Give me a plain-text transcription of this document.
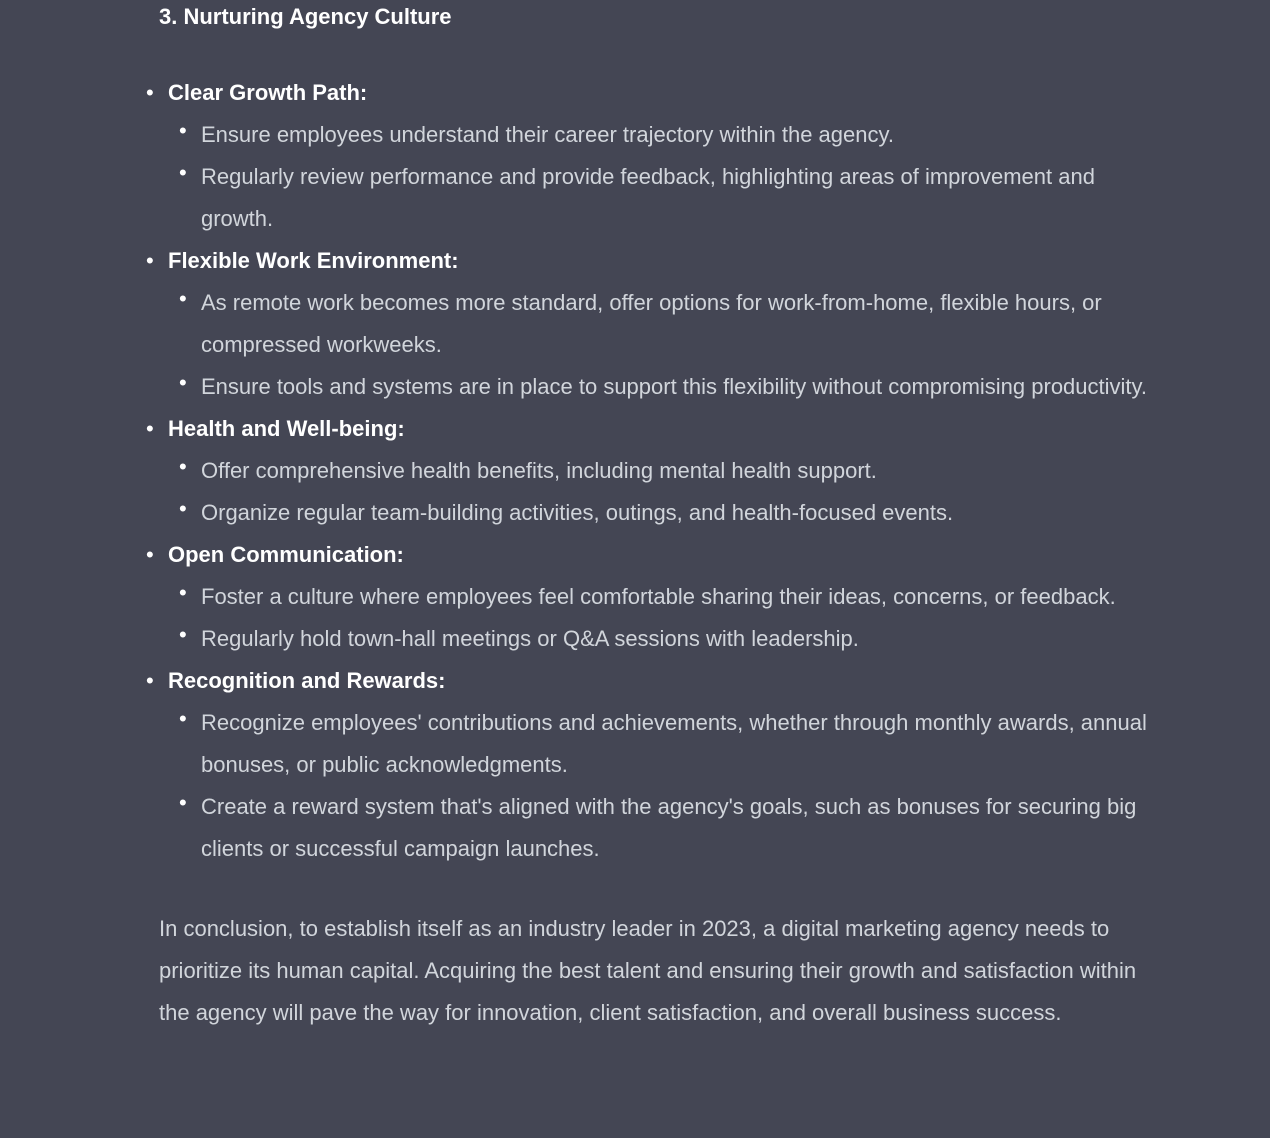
3. Nurturing Agency Culture
• Clear Growth Path:
• Ensure employees understand their career trajectory within the agency.
• Regularly review performance and provide feedback, highlighting areas of improvement and growth.
• Flexible Work Environment:
• As remote work becomes more standard, offer options for work-from-home, flexible hours, or compressed workweeks.
• Ensure tools and systems are in place to support this flexibility without compromising productivity.
• Health and Well-being:
• Offer comprehensive health benefits, including mental health support.
• Organize regular team-building activities, outings, and health-focused events.
• Open Communication:
• Foster a culture where employees feel comfortable sharing their ideas, concerns, or feedback.
• Regularly hold town-hall meetings or Q&A sessions with leadership.
• Recognition and Rewards:
• Recognize employees' contributions and achievements, whether through monthly awards, annual bonuses, or public acknowledgments.
• Create a reward system that's aligned with the agency's goals, such as bonuses for securing big clients or successful campaign launches.

In conclusion, to establish itself as an industry leader in 2023, a digital marketing agency needs to prioritize its human capital. Acquiring the best talent and ensuring their growth and satisfaction within the agency will pave the way for innovation, client satisfaction, and overall business success.
